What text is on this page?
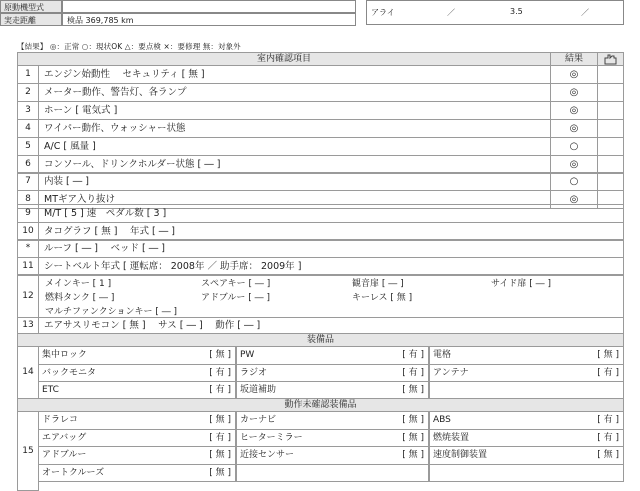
原動機型式
実走距離	検品 369,785 km
アライ	／	3.5	／
【結果】 ◎：正常 ○：現状OK △：要点検 ×：要修理 無：対象外
室内確認項目	結果
1	エンジン始動性　 セキュリティ [ 無 ]	◎
2	メーター動作、警告灯、各ランプ	◎
3	ホーン [ 電気式 ]	◎
4	ワイパー動作、ウォッシャー状態	◎
5	A/C [ 風量 ]	○
6	コンソール、ドリンクホルダー状態 [ ― ]	◎
7	内装 [ ― ]	○
8	MTギア入り抜け	◎
9	M/T [ 5 ] 速　ペダル数 [ 3 ]
10	タコグラフ [ 無 ]　 年式 [ ― ]
*	ルーフ [ ― ]　 ベッド [ ― ]
11	シートベルト年式 [ 運転席： 2008年 ／ 助手席： 2009年 ]
12
メインキー [ 1 ]	スペアキー [ ― ]	観音扉 [ ― ]	サイド扉 [ ― ]
燃料タンク [ ― ]	アドブルー [ ― ]	キーレス [ 無 ]
マルチファンクションキー [ ― ]
13	エアサスリモコン [ 無 ]　 サス [ ― ]　 動作 [ ― ]
装備品
14
集中ロック	[ 無 ]	PW	[ 有 ]	電格	[ 無 ]
バックモニタ	[ 有 ]	ラジオ	[ 有 ]	アンテナ	[ 有 ]
ETC	[ 有 ]	坂道補助	[ 無 ]
動作未確認装備品
15
ドラレコ	[ 無 ]	カーナビ	[ 無 ]	ABS	[ 有 ]
エアバッグ	[ 有 ]	ヒーターミラー	[ 無 ]	燃焼装置	[ 有 ]
アドブルー	[ 無 ]	近接センサー	[ 無 ]	速度制御装置	[ 無 ]
オートクルーズ	[ 無 ]
